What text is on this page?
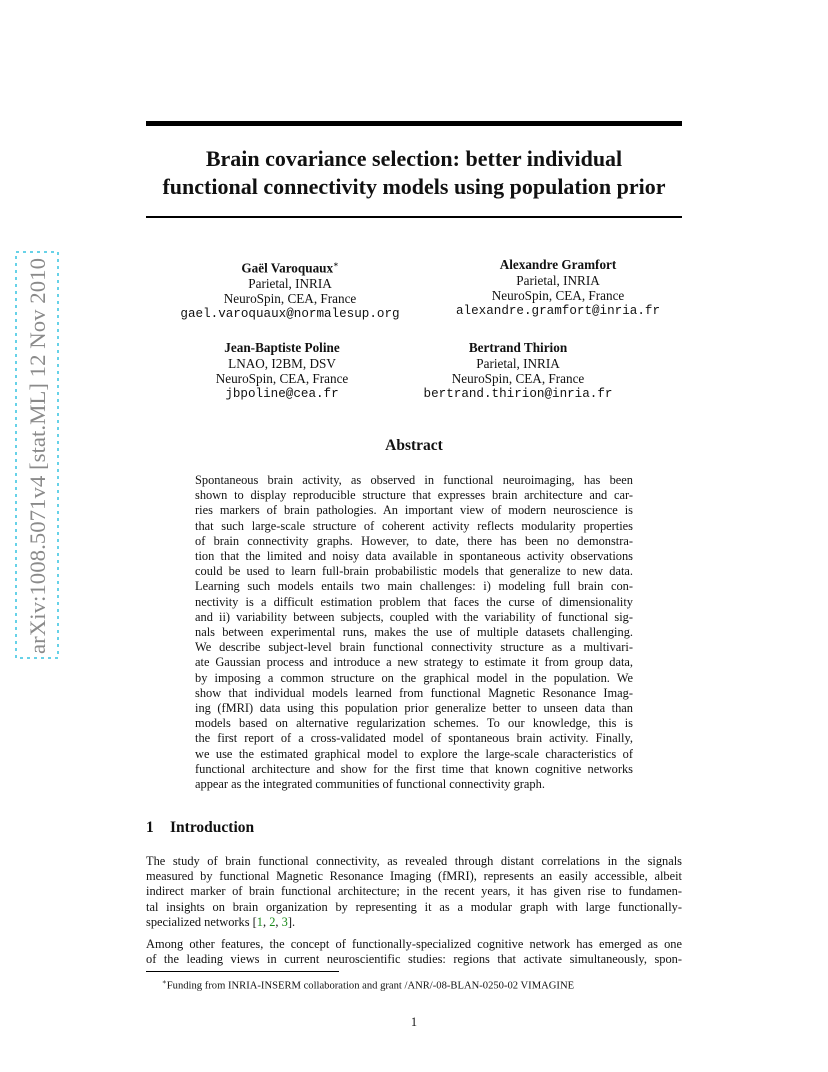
arXiv:1008.5071v4 [stat.ML] 12 Nov 2010
Brain covariance selection: better individual
functional connectivity models using population prior
Gaël Varoquaux∗
Parietal, INRIA
NeuroSpin, CEA, France
gael.varoquaux@normalesup.org
Alexandre Gramfort
Parietal, INRIA
NeuroSpin, CEA, France
alexandre.gramfort@inria.fr
Jean-Baptiste Poline
LNAO, I2BM, DSV
NeuroSpin, CEA, France
jbpoline@cea.fr
Bertrand Thirion
Parietal, INRIA
NeuroSpin, CEA, France
bertrand.thirion@inria.fr
Abstract
Spontaneous brain activity, as observed in functional neuroimaging, has been
shown to display reproducible structure that expresses brain architecture and car-
ries markers of brain pathologies. An important view of modern neuroscience is
that such large-scale structure of coherent activity reflects modularity properties
of brain connectivity graphs. However, to date, there has been no demonstra-
tion that the limited and noisy data available in spontaneous activity observations
could be used to learn full-brain probabilistic models that generalize to new data.
Learning such models entails two main challenges: i) modeling full brain con-
nectivity is a difficult estimation problem that faces the curse of dimensionality
and ii) variability between subjects, coupled with the variability of functional sig-
nals between experimental runs, makes the use of multiple datasets challenging.
We describe subject-level brain functional connectivity structure as a multivari-
ate Gaussian process and introduce a new strategy to estimate it from group data,
by imposing a common structure on the graphical model in the population. We
show that individual models learned from functional Magnetic Resonance Imag-
ing (fMRI) data using this population prior generalize better to unseen data than
models based on alternative regularization schemes. To our knowledge, this is
the first report of a cross-validated model of spontaneous brain activity. Finally,
we use the estimated graphical model to explore the large-scale characteristics of
functional architecture and show for the first time that known cognitive networks
appear as the integrated communities of functional connectivity graph.
1 Introduction
The study of brain functional connectivity, as revealed through distant correlations in the signals
measured by functional Magnetic Resonance Imaging (fMRI), represents an easily accessible, albeit
indirect marker of brain functional architecture; in the recent years, it has given rise to fundamen-
tal insights on brain organization by representing it as a modular graph with large functionally-
specialized networks [1, 2, 3].
Among other features, the concept of functionally-specialized cognitive network has emerged as one
of the leading views in current neuroscientific studies: regions that activate simultaneously, spon-
∗Funding from INRIA-INSERM collaboration and grant /ANR/-08-BLAN-0250-02 VIMAGINE
1
